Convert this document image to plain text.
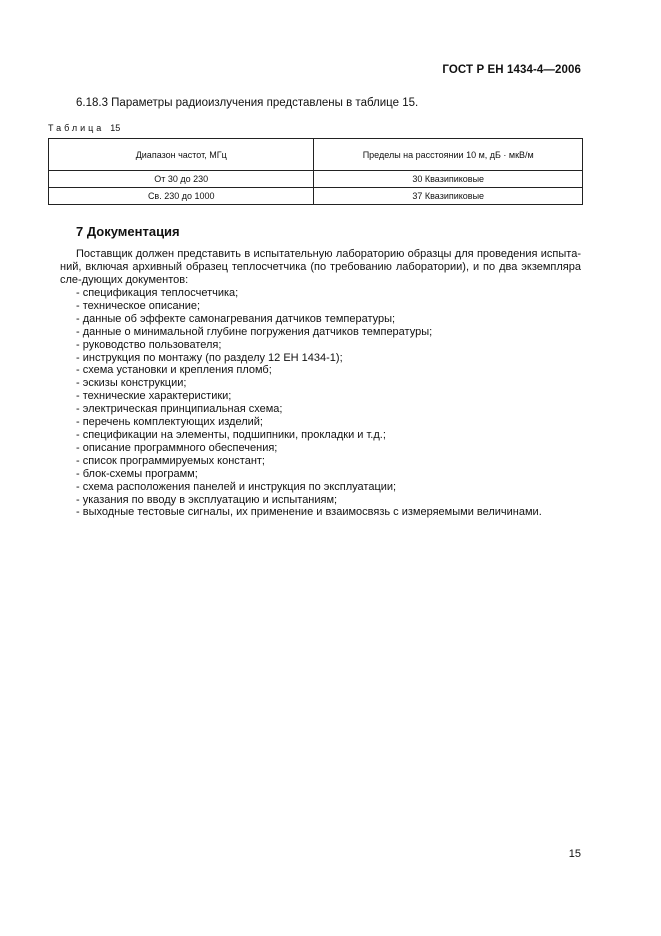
ГОСТ Р ЕН 1434-4—2006
6.18.3 Параметры радиоизлучения представлены в таблице 15.
Таблица 15
Диапазон частот, МГц	Пределы на расстоянии 10 м, дБ · мкВ/м
От 30 до 230	30 Квазипиковые
Св. 230 до 1000	37 Квазипиковые
7 Документация

Поставщик должен представить в испытательную лабораторию образцы для проведения испыта-ний, включая архивный образец теплосчетчика (по требованию лаборатории), и по два экземпляра сле-дующих документов:

- спецификация теплосчетчика;
- техническое описание;
- данные об эффекте самонагревания датчиков температуры;
- данные о минимальной глубине погружения датчиков температуры;
- руководство пользователя;
- инструкция по монтажу (по разделу 12 ЕН 1434-1);
- схема установки и крепления пломб;
- эскизы конструкции;
- технические характеристики;
- электрическая принципиальная схема;
- перечень комплектующих изделий;
- спецификации на элементы, подшипники, прокладки и т.д.;
- описание программного обеспечения;
- список программируемых констант;
- блок-схемы программ;
- схема расположения панелей и инструкция по эксплуатации;
- указания по вводу в эксплуатацию и испытаниям;
- выходные тестовые сигналы, их применение и взаимосвязь с измеряемыми величинами.
15
